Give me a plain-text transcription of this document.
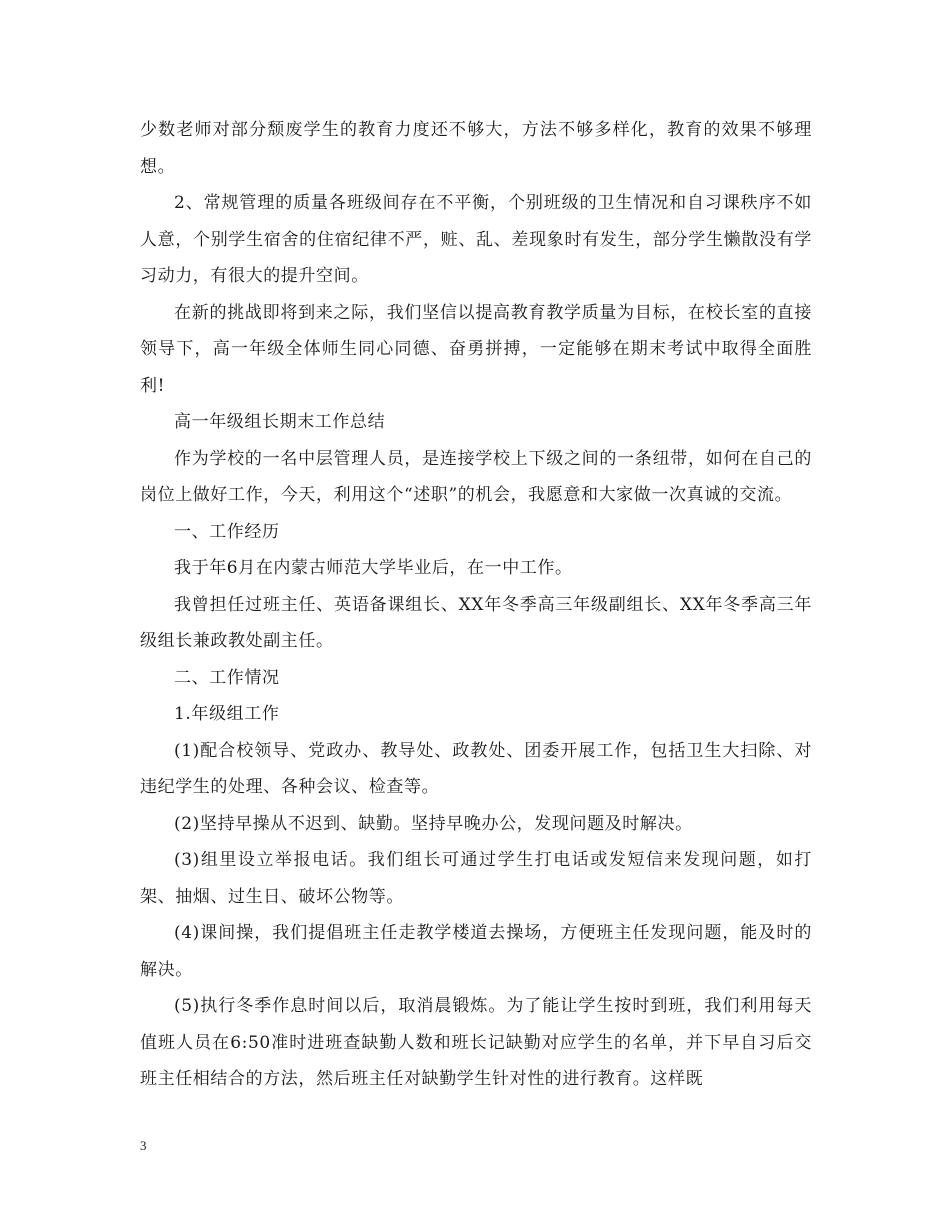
少数老师对部分颓废学生的教育力度还不够大，方法不够多样化，教育的效果不够理想。

2、常规管理的质量各班级间存在不平衡，个别班级的卫生情况和自习课秩序不如人意，个别学生宿舍的住宿纪律不严，赃、乱、差现象时有发生，部分学生懒散没有学习动力，有很大的提升空间。

在新的挑战即将到来之际，我们坚信以提高教育教学质量为目标，在校长室的直接领导下，高一年级全体师生同心同德、奋勇拼搏，一定能够在期末考试中取得全面胜利!

高一年级组长期末工作总结

作为学校的一名中层管理人员，是连接学校上下级之间的一条纽带，如何在自己的岗位上做好工作，今天，利用这个“述职”的机会，我愿意和大家做一次真诚的交流。

一、工作经历

我于年6月在内蒙古师范大学毕业后，在一中工作。

我曾担任过班主任、英语备课组长、XX年冬季高三年级副组长、XX年冬季高三年级组长兼政教处副主任。

二、工作情况

1.年级组工作

(1)配合校领导、党政办、教导处、政教处、团委开展工作，包括卫生大扫除、对违纪学生的处理、各种会议、检查等。

(2)坚持早操从不迟到、缺勤。坚持早晚办公，发现问题及时解决。

(3)组里设立举报电话。我们组长可通过学生打电话或发短信来发现问题，如打架、抽烟、过生日、破坏公物等。

(4)课间操，我们提倡班主任走教学楼道去操场，方便班主任发现问题，能及时的解决。

(5)执行冬季作息时间以后，取消晨锻炼。为了能让学生按时到班，我们利用每天值班人员在6:50准时进班查缺勤人数和班长记缺勤对应学生的名单，并下早自习后交班主任相结合的方法，然后班主任对缺勤学生针对性的进行教育。这样既

3
